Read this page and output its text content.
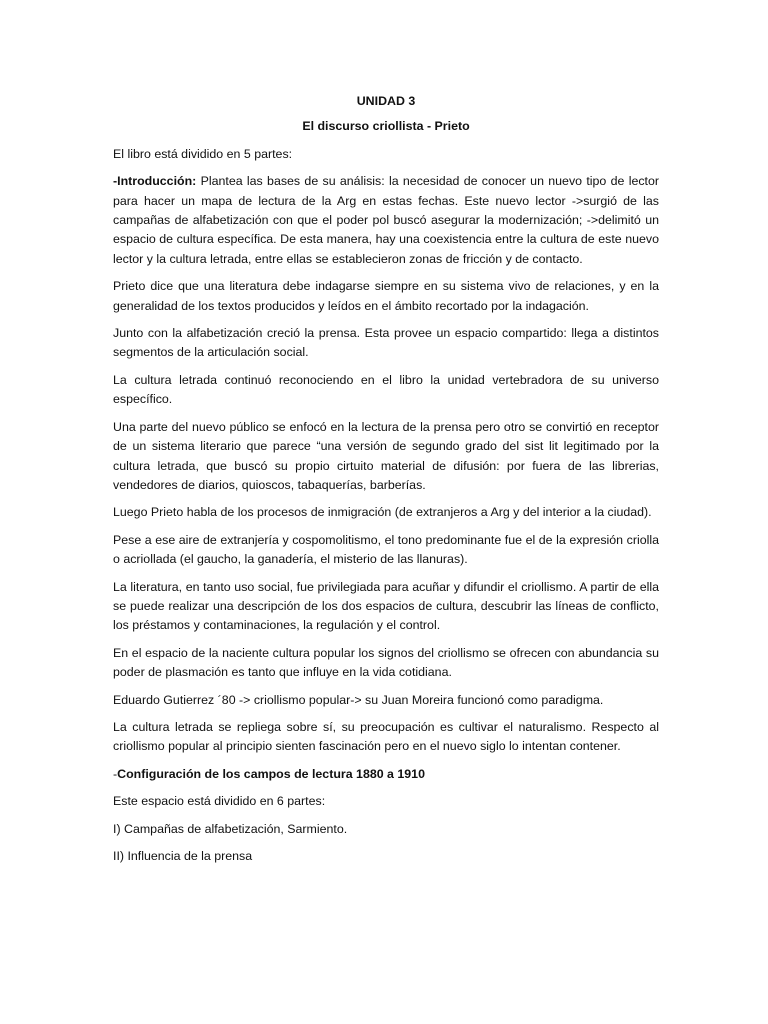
UNIDAD 3
El discurso criollista - Prieto

El libro está dividido en 5 partes:

-Introducción: Plantea las bases de su análisis: la necesidad de conocer un nuevo tipo de lector para hacer un mapa de lectura de la Arg en estas fechas. Este nuevo lector ->surgió de las campañas de alfabetización con que el poder pol buscó asegurar la modernización; ->delimitó un espacio de cultura específica. De esta manera, hay una coexistencia entre la cultura de este nuevo lector y la cultura letrada, entre ellas se establecieron zonas de fricción y de contacto.

Prieto dice que una literatura debe indagarse siempre en su sistema vivo de relaciones, y en la generalidad de los textos producidos y leídos en el ámbito recortado por la indagación.

Junto con la alfabetización creció la prensa. Esta provee un espacio compartido: llega a distintos segmentos de la articulación social.

La cultura letrada continuó reconociendo en el libro la unidad vertebradora de su universo específico.

Una parte del nuevo público se enfocó en la lectura de la prensa pero otro se convirtió en receptor de un sistema literario que parece “una versión de segundo grado del sist lit legitimado por la cultura letrada, que buscó su propio cirtuito material de difusión: por fuera de las librerias, vendedores de diarios, quioscos, tabaquerías, barberías.

Luego Prieto habla de los procesos de inmigración (de extranjeros a Arg y del interior a la ciudad).

Pese a ese aire de extranjería y cospomolitismo, el tono predominante fue el de la expresión criolla o acriollada (el gaucho, la ganadería, el misterio de las llanuras).

La literatura, en tanto uso social, fue privilegiada para acuñar y difundir el criollismo. A partir de ella se puede realizar una descripción de los dos espacios de cultura, descubrir las líneas de conflicto, los préstamos y contaminaciones, la regulación y el control.

En el espacio de la naciente cultura popular los signos del criollismo se ofrecen con abundancia su poder de plasmación es tanto que influye en la vida cotidiana.

Eduardo Gutierrez ´80 -> criollismo popular-> su Juan Moreira funcionó como paradigma.

La cultura letrada se repliega sobre sí, su preocupación es cultivar el naturalismo. Respecto al criollismo popular al principio sienten fascinación pero en el nuevo siglo lo intentan contener.

-Configuración de los campos de lectura 1880 a 1910

Este espacio está dividido en 6 partes:

I) Campañas de alfabetización, Sarmiento.

II) Influencia de la prensa
